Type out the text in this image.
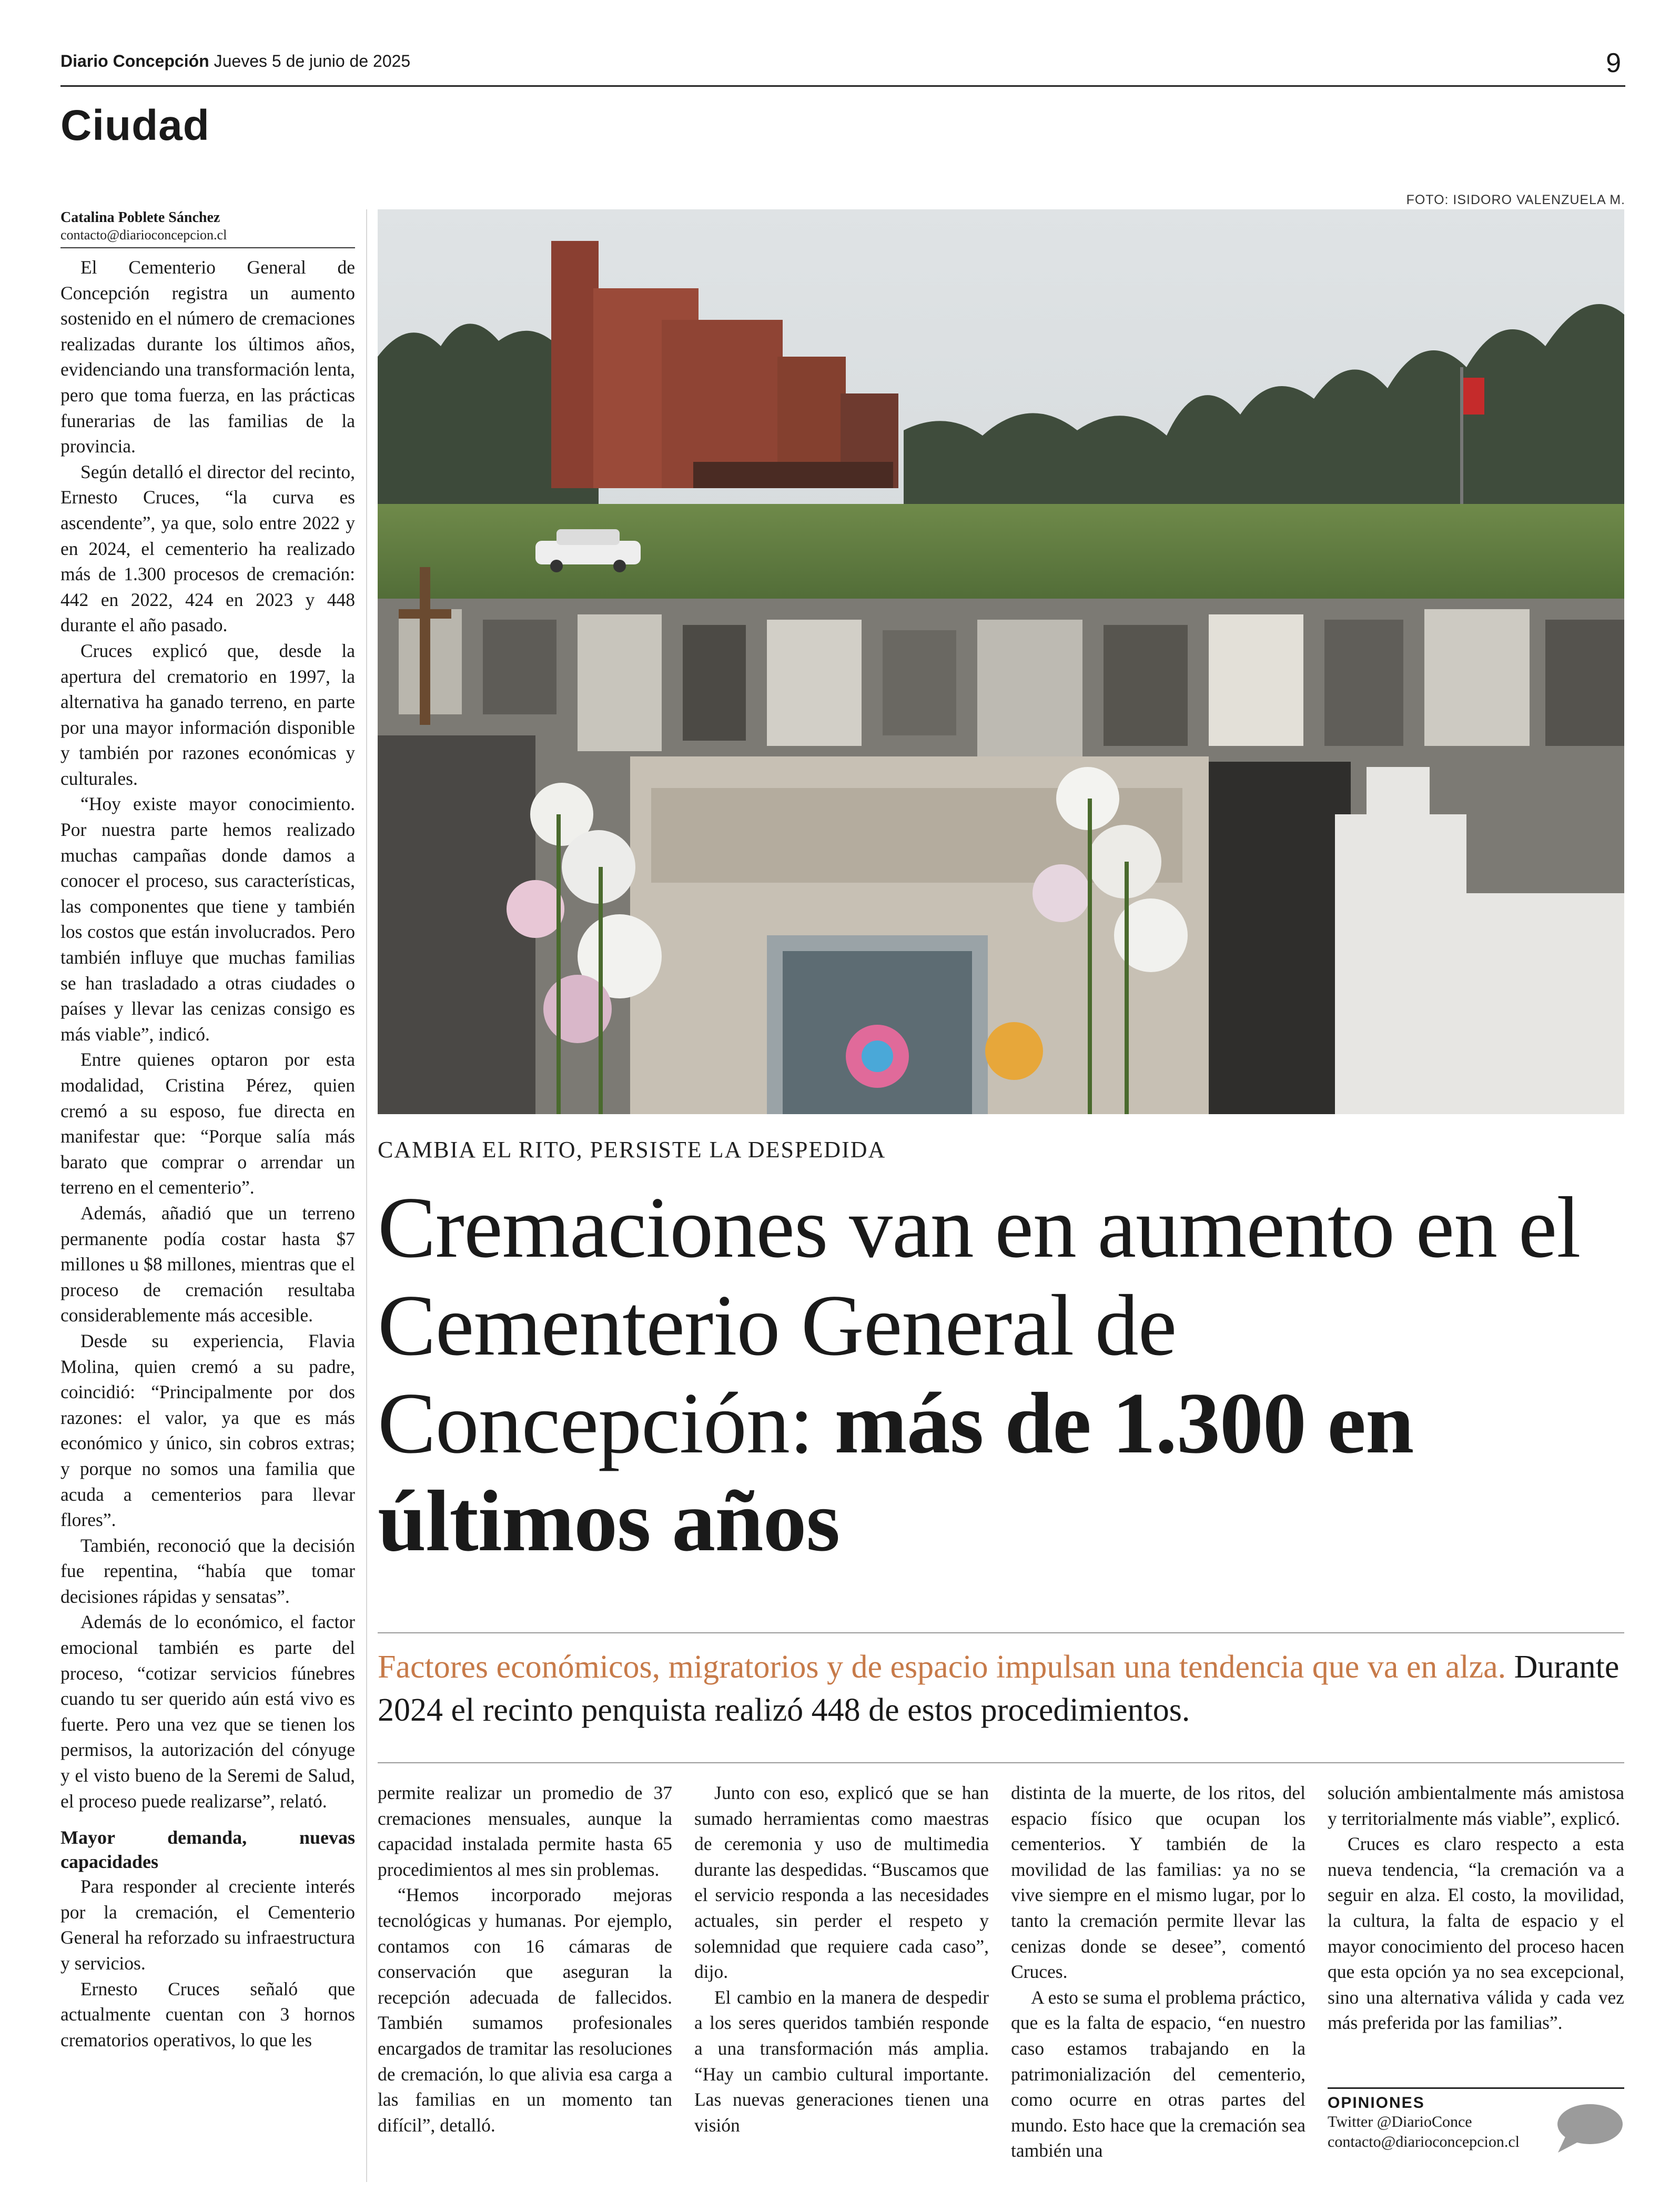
Diario Concepción Jueves 5 de junio de 2025	9
Ciudad
FOTO: ISIDORO VALENZUELA M.
Catalina Poblete Sánchez
contacto@diarioconcepcion.cl

El Cementerio General de Concepción registra un aumento sostenido en el número de cremaciones realizadas durante los últimos años, evidenciando una transformación lenta, pero que toma fuerza, en las prácticas funerarias de las familias de la provincia.

Según detalló el director del recinto, Ernesto Cruces, “la curva es ascendente”, ya que, solo entre 2022 y en 2024, el cementerio ha realizado más de 1.300 procesos de cremación: 442 en 2022, 424 en 2023 y 448 durante el año pasado.

Cruces explicó que, desde la apertura del crematorio en 1997, la alternativa ha ganado terreno, en parte por una mayor información disponible y también por razones económicas y culturales.

“Hoy existe mayor conocimiento. Por nuestra parte hemos realizado muchas campañas donde damos a conocer el proceso, sus características, las componentes que tiene y también los costos que están involucrados. Pero también influye que muchas familias se han trasladado a otras ciudades o países y llevar las cenizas consigo es más viable”, indicó.

Entre quienes optaron por esta modalidad, Cristina Pérez, quien cremó a su esposo, fue directa en manifestar que: “Porque salía más barato que comprar o arrendar un terreno en el cementerio”.

Además, añadió que un terreno permanente podía costar hasta $7 millones u $8 millones, mientras que el proceso de cremación resultaba considerablemente más accesible.

Desde su experiencia, Flavia Molina, quien cremó a su padre, coincidió: “Principalmente por dos razones: el valor, ya que es más económico y único, sin cobros extras; y porque no somos una familia que acuda a cementerios para llevar flores”.

También, reconoció que la decisión fue repentina, “había que tomar decisiones rápidas y sensatas”.

Además de lo económico, el factor emocional también es parte del proceso, “cotizar servicios fúnebres cuando tu ser querido aún está vivo es fuerte. Pero una vez que se tienen los permisos, la autorización del cónyuge y el visto bueno de la Seremi de Salud, el proceso puede realizarse”, relató.

Mayor demanda, nuevas capacidades

Para responder al creciente interés por la cremación, el Cementerio General ha reforzado su infraestructura y servicios.

Ernesto Cruces señaló que actualmente cuentan con 3 hornos crematorios operativos, lo que les

CAMBIA EL RITO, PERSISTE LA DESPEDIDA
Cremaciones van en aumento en el Cementerio General de Concepción: más de 1.300 en últimos años
Factores económicos, migratorios y de espacio impulsan una tendencia que va en alza. Durante 2024 el recinto penquista realizó 448 de estos procedimientos.

permite realizar un promedio de 37 cremaciones mensuales, aunque la capacidad instalada permite hasta 65 procedimientos al mes sin problemas.

“Hemos incorporado mejoras tecnológicas y humanas. Por ejemplo, contamos con 16 cámaras de conservación que aseguran la recepción adecuada de fallecidos. También sumamos profesionales encargados de tramitar las resoluciones de cremación, lo que alivia esa carga a las familias en un momento tan difícil”, detalló.

Junto con eso, explicó que se han sumado herramientas como maestras de ceremonia y uso de multimedia durante las despedidas. “Buscamos que el servicio responda a las necesidades actuales, sin perder el respeto y solemnidad que requiere cada caso”, dijo.

El cambio en la manera de despedir a los seres queridos también responde a una transformación más amplia. “Hay un cambio cultural importante. Las nuevas generaciones tienen una visión

distinta de la muerte, de los ritos, del espacio físico que ocupan los cementerios. Y también de la movilidad de las familias: ya no se vive siempre en el mismo lugar, por lo tanto la cremación permite llevar las cenizas donde se desee”, comentó Cruces.

A esto se suma el problema práctico, que es la falta de espacio, “en nuestro caso estamos trabajando en la patrimonialización del cementerio, como ocurre en otras partes del mundo. Esto hace que la cremación sea también una

solución ambientalmente más amistosa y territorialmente más viable”, explicó.

Cruces es claro respecto a esta nueva tendencia, “la cremación va a seguir en alza. El costo, la movilidad, la cultura, la falta de espacio y el mayor conocimiento del proceso hacen que esta opción ya no sea excepcional, sino una alternativa válida y cada vez más preferida por las familias”.

OPINIONES
Twitter @DiarioConce
contacto@diarioconcepcion.cl
